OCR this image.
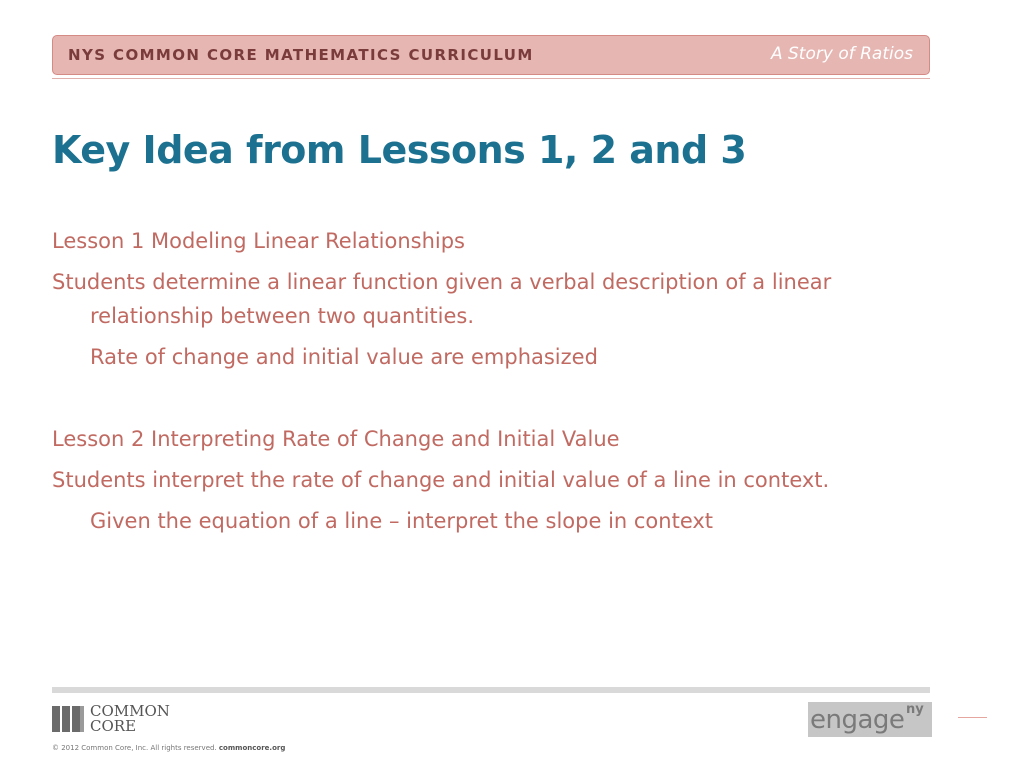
NYS COMMON CORE MATHEMATICS CURRICULUM	A Story of Ratios
Key Idea from Lessons 1, 2 and 3

Lesson 1 Modeling Linear Relationships

Students determine a linear function given a verbal description of a linear relationship between two quantities.

Rate of change and initial value are emphasized

Lesson 2 Interpreting Rate of Change and Initial Value

Students interpret the rate of change and initial value of a line in context.

Given the equation of a line – interpret the slope in context

COMMON
CORE
© 2012 Common Core, Inc. All rights reserved. commoncore.org
engage ny
